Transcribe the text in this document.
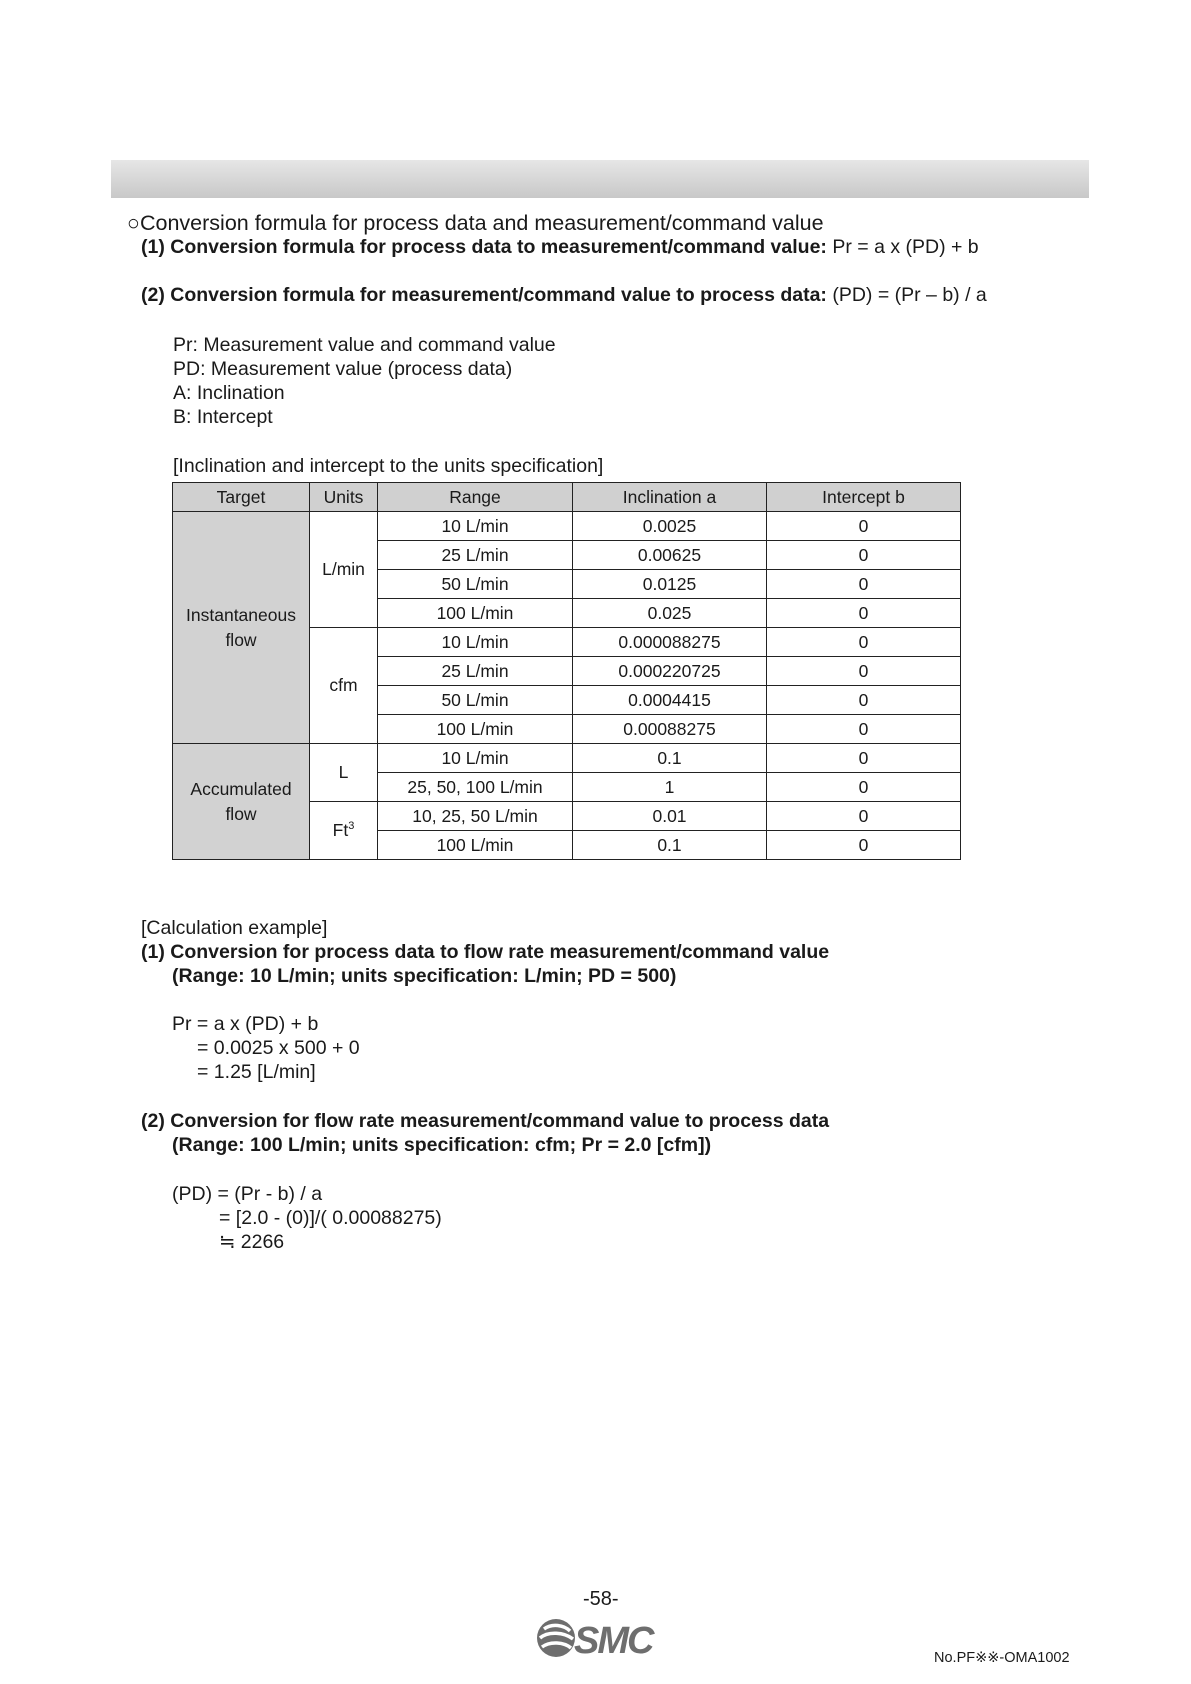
○Conversion formula for process data and measurement/command value
(1) Conversion formula for process data to measurement/command value: Pr = a x (PD) + b
(2) Conversion formula for measurement/command value to process data: (PD) = (Pr – b) / a
Pr: Measurement value and command value
PD: Measurement value (process data)
A: Inclination
B: Intercept
[Inclination and intercept to the units specification]
Target	Units	Range	Inclination a	Intercept b
Instantaneous
flow	L/min	10 L/min	0.0025	0
		25 L/min	0.00625	0
		50 L/min	0.0125	0
		100 L/min	0.025	0
	cfm	10 L/min	0.000088275	0
		25 L/min	0.000220725	0
		50 L/min	0.0004415	0
		100 L/min	0.00088275	0
Accumulated
flow	L	10 L/min	0.1	0
		25, 50, 100 L/min	1	0
	Ft$^3$	10, 25, 50 L/min	0.01	0
		100 L/min	0.1	0
[Calculation example]
(1) Conversion for process data to flow rate measurement/command value
(Range: 10 L/min; units specification: L/min; PD = 500)
Pr = a x (PD) + b
= 0.0025 x 500 + 0
= 1.25 [L/min]
(2) Conversion for flow rate measurement/command value to process data
(Range: 100 L/min; units specification: cfm; Pr = 2.0 [cfm])
(PD) = (Pr - b) / a
= [2.0 - (0)]/( 0.00088275)
≒ 2266
-58-
SMC	No.PF※※-OMA1002
